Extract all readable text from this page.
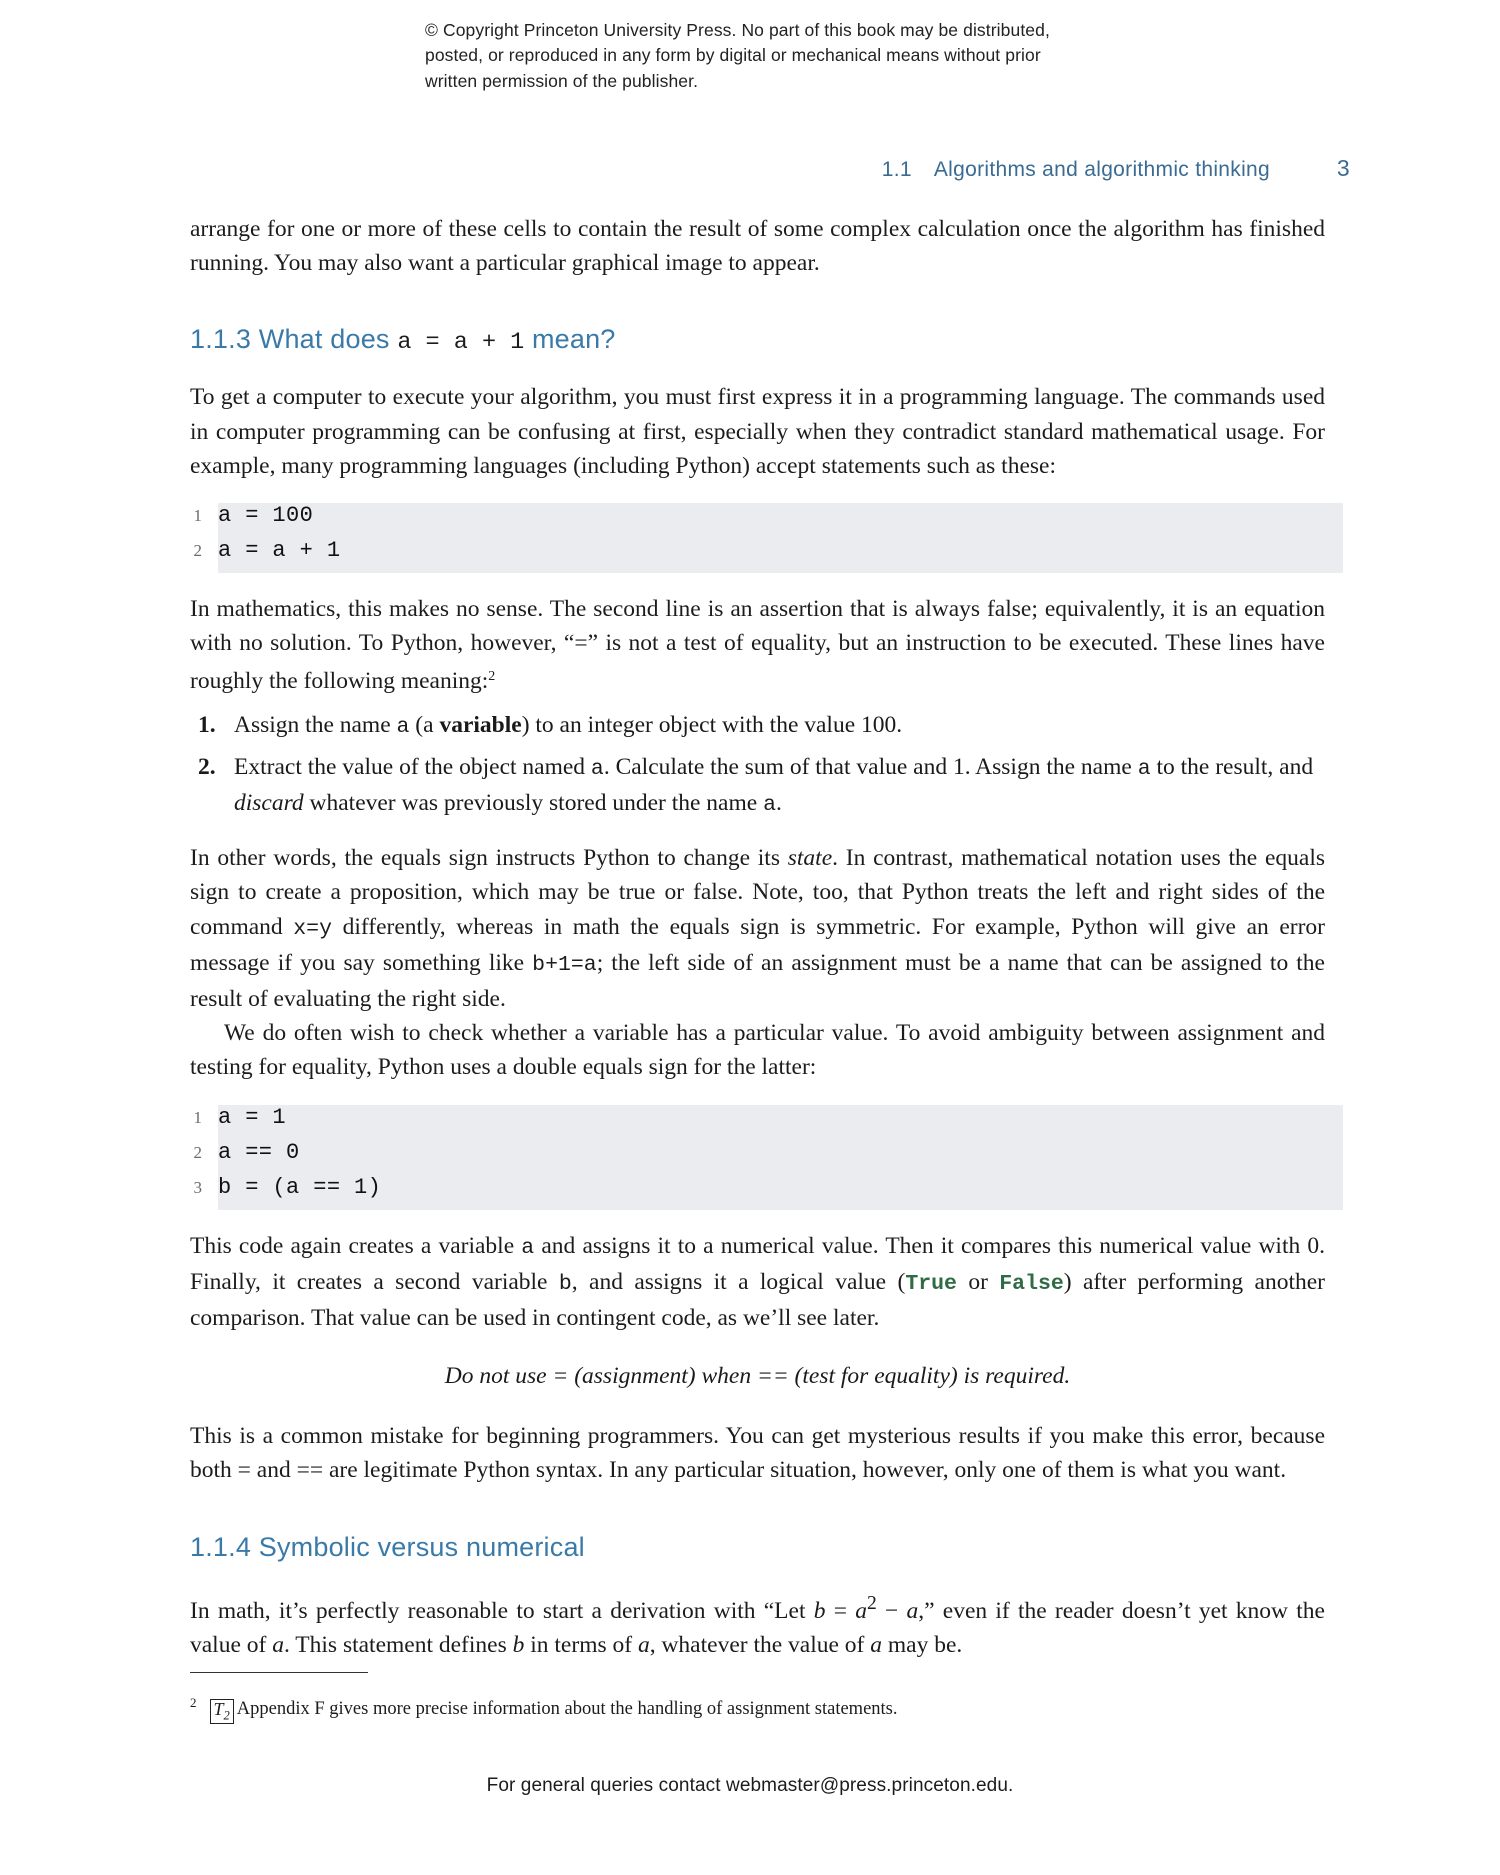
© Copyright Princeton University Press. No part of this book may be distributed, posted, or reproduced in any form by digital or mechanical means without prior written permission of the publisher.
1.1 Algorithms and algorithmic thinking	3

arrange for one or more of these cells to contain the result of some complex calculation once the algorithm has finished running. You may also want a particular graphical image to appear.

1.1.3 What does a = a + 1 mean?

To get a computer to execute your algorithm, you must first express it in a programming language. The commands used in computer programming can be confusing at first, especially when they contradict standard mathematical usage. For example, many programming languages (including Python) accept statements such as these:

1 a = 100
2 a = a + 1

In mathematics, this makes no sense. The second line is an assertion that is always false; equivalently, it is an equation with no solution. To Python, however, “=” is not a test of equality, but an instruction to be executed. These lines have roughly the following meaning:$^2$

1. Assign the name a (a variable) to an integer object with the value 100.
2. Extract the value of the object named a. Calculate the sum of that value and 1. Assign the name a to the result, and discard whatever was previously stored under the name a.

In other words, the equals sign instructs Python to change its state. In contrast, mathematical notation uses the equals sign to create a proposition, which may be true or false. Note, too, that Python treats the left and right sides of the command x=y differently, whereas in math the equals sign is symmetric. For example, Python will give an error message if you say something like b+1=a; the left side of an assignment must be a name that can be assigned to the result of evaluating the right side.

We do often wish to check whether a variable has a particular value. To avoid ambiguity between assignment and testing for equality, Python uses a double equals sign for the latter:

1 a = 1
2 a == 0
3 b = (a == 1)

This code again creates a variable a and assigns it to a numerical value. Then it compares this numerical value with 0. Finally, it creates a second variable b, and assigns it a logical value (True or False) after performing another comparison. That value can be used in contingent code, as we’ll see later.

Do not use = (assignment) when == (test for equality) is required.

This is a common mistake for beginning programmers. You can get mysterious results if you make this error, because both = and == are legitimate Python syntax. In any particular situation, however, only one of them is what you want.

1.1.4 Symbolic versus numerical

In math, it’s perfectly reasonable to start a derivation with “Let $b = a^2 - a$,” even if the reader doesn’t yet know the value of a. This statement defines b in terms of a, whatever the value of a may be.

$^2$ $T_2$ Appendix F gives more precise information about the handling of assignment statements.
For general queries contact webmaster@press.princeton.edu.
